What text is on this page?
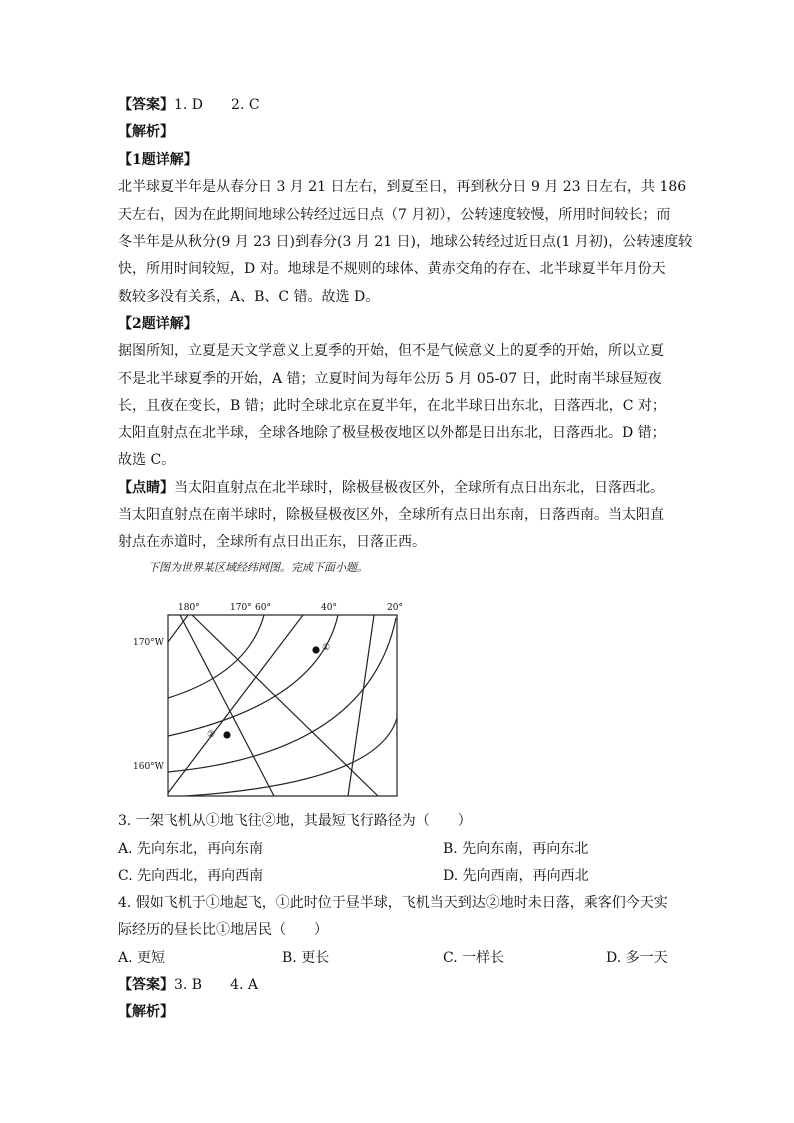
【答案】1. D　　2. C
【解析】
【1题详解】
北半球夏半年是从春分日 3 月 21 日左右，到夏至日，再到秋分日 9 月 23 日左右，共 186
天左右，因为在此期间地球公转经过远日点（7 月初），公转速度较慢，所用时间较长；而
冬半年是从秋分(9 月 23 日)到春分(3 月 21 日)，地球公转经过近日点(1 月初)，公转速度较
快，所用时间较短，D 对。地球是不规则的球体、黄赤交角的存在、北半球夏半年月份天
数较多没有关系，A、B、C 错。故选 D。
【2题详解】
据图所知，立夏是天文学意义上夏季的开始，但不是气候意义上的夏季的开始，所以立夏
不是北半球夏季的开始，A 错；立夏时间为每年公历 5 月 05-07 日，此时南半球昼短夜
长，且夜在变长，B 错；此时全球北京在夏半年，在北半球日出东北，日落西北，C 对；
太阳直射点在北半球，全球各地除了极昼极夜地区以外都是日出东北，日落西北。D 错；
故选 C。
【点睛】当太阳直射点在北半球时，除极昼极夜区外，全球所有点日出东北，日落西北。
当太阳直射点在南半球时，除极昼极夜区外，全球所有点日出东南，日落西南。当太阳直
射点在赤道时，全球所有点日出正东，日落正西。
下图为世界某区域经纬网图。完成下面小题。
①
②
180°	170° 60°	40°	20°
170°W
160°W
3. 一架飞机从①地飞往②地，其最短飞行路径为（　　）
A. 先向东北，再向东南	B. 先向东南，再向东北
C. 先向西北，再向西南	D. 先向西南，再向西北
4. 假如飞机于①地起飞，①此时位于昼半球，飞机当天到达②地时未日落，乘客们今天实
际经历的昼长比①地居民（　　）
A. 更短	B. 更长	C. 一样长	D. 多一天
【答案】3. B　　4. A
【解析】
